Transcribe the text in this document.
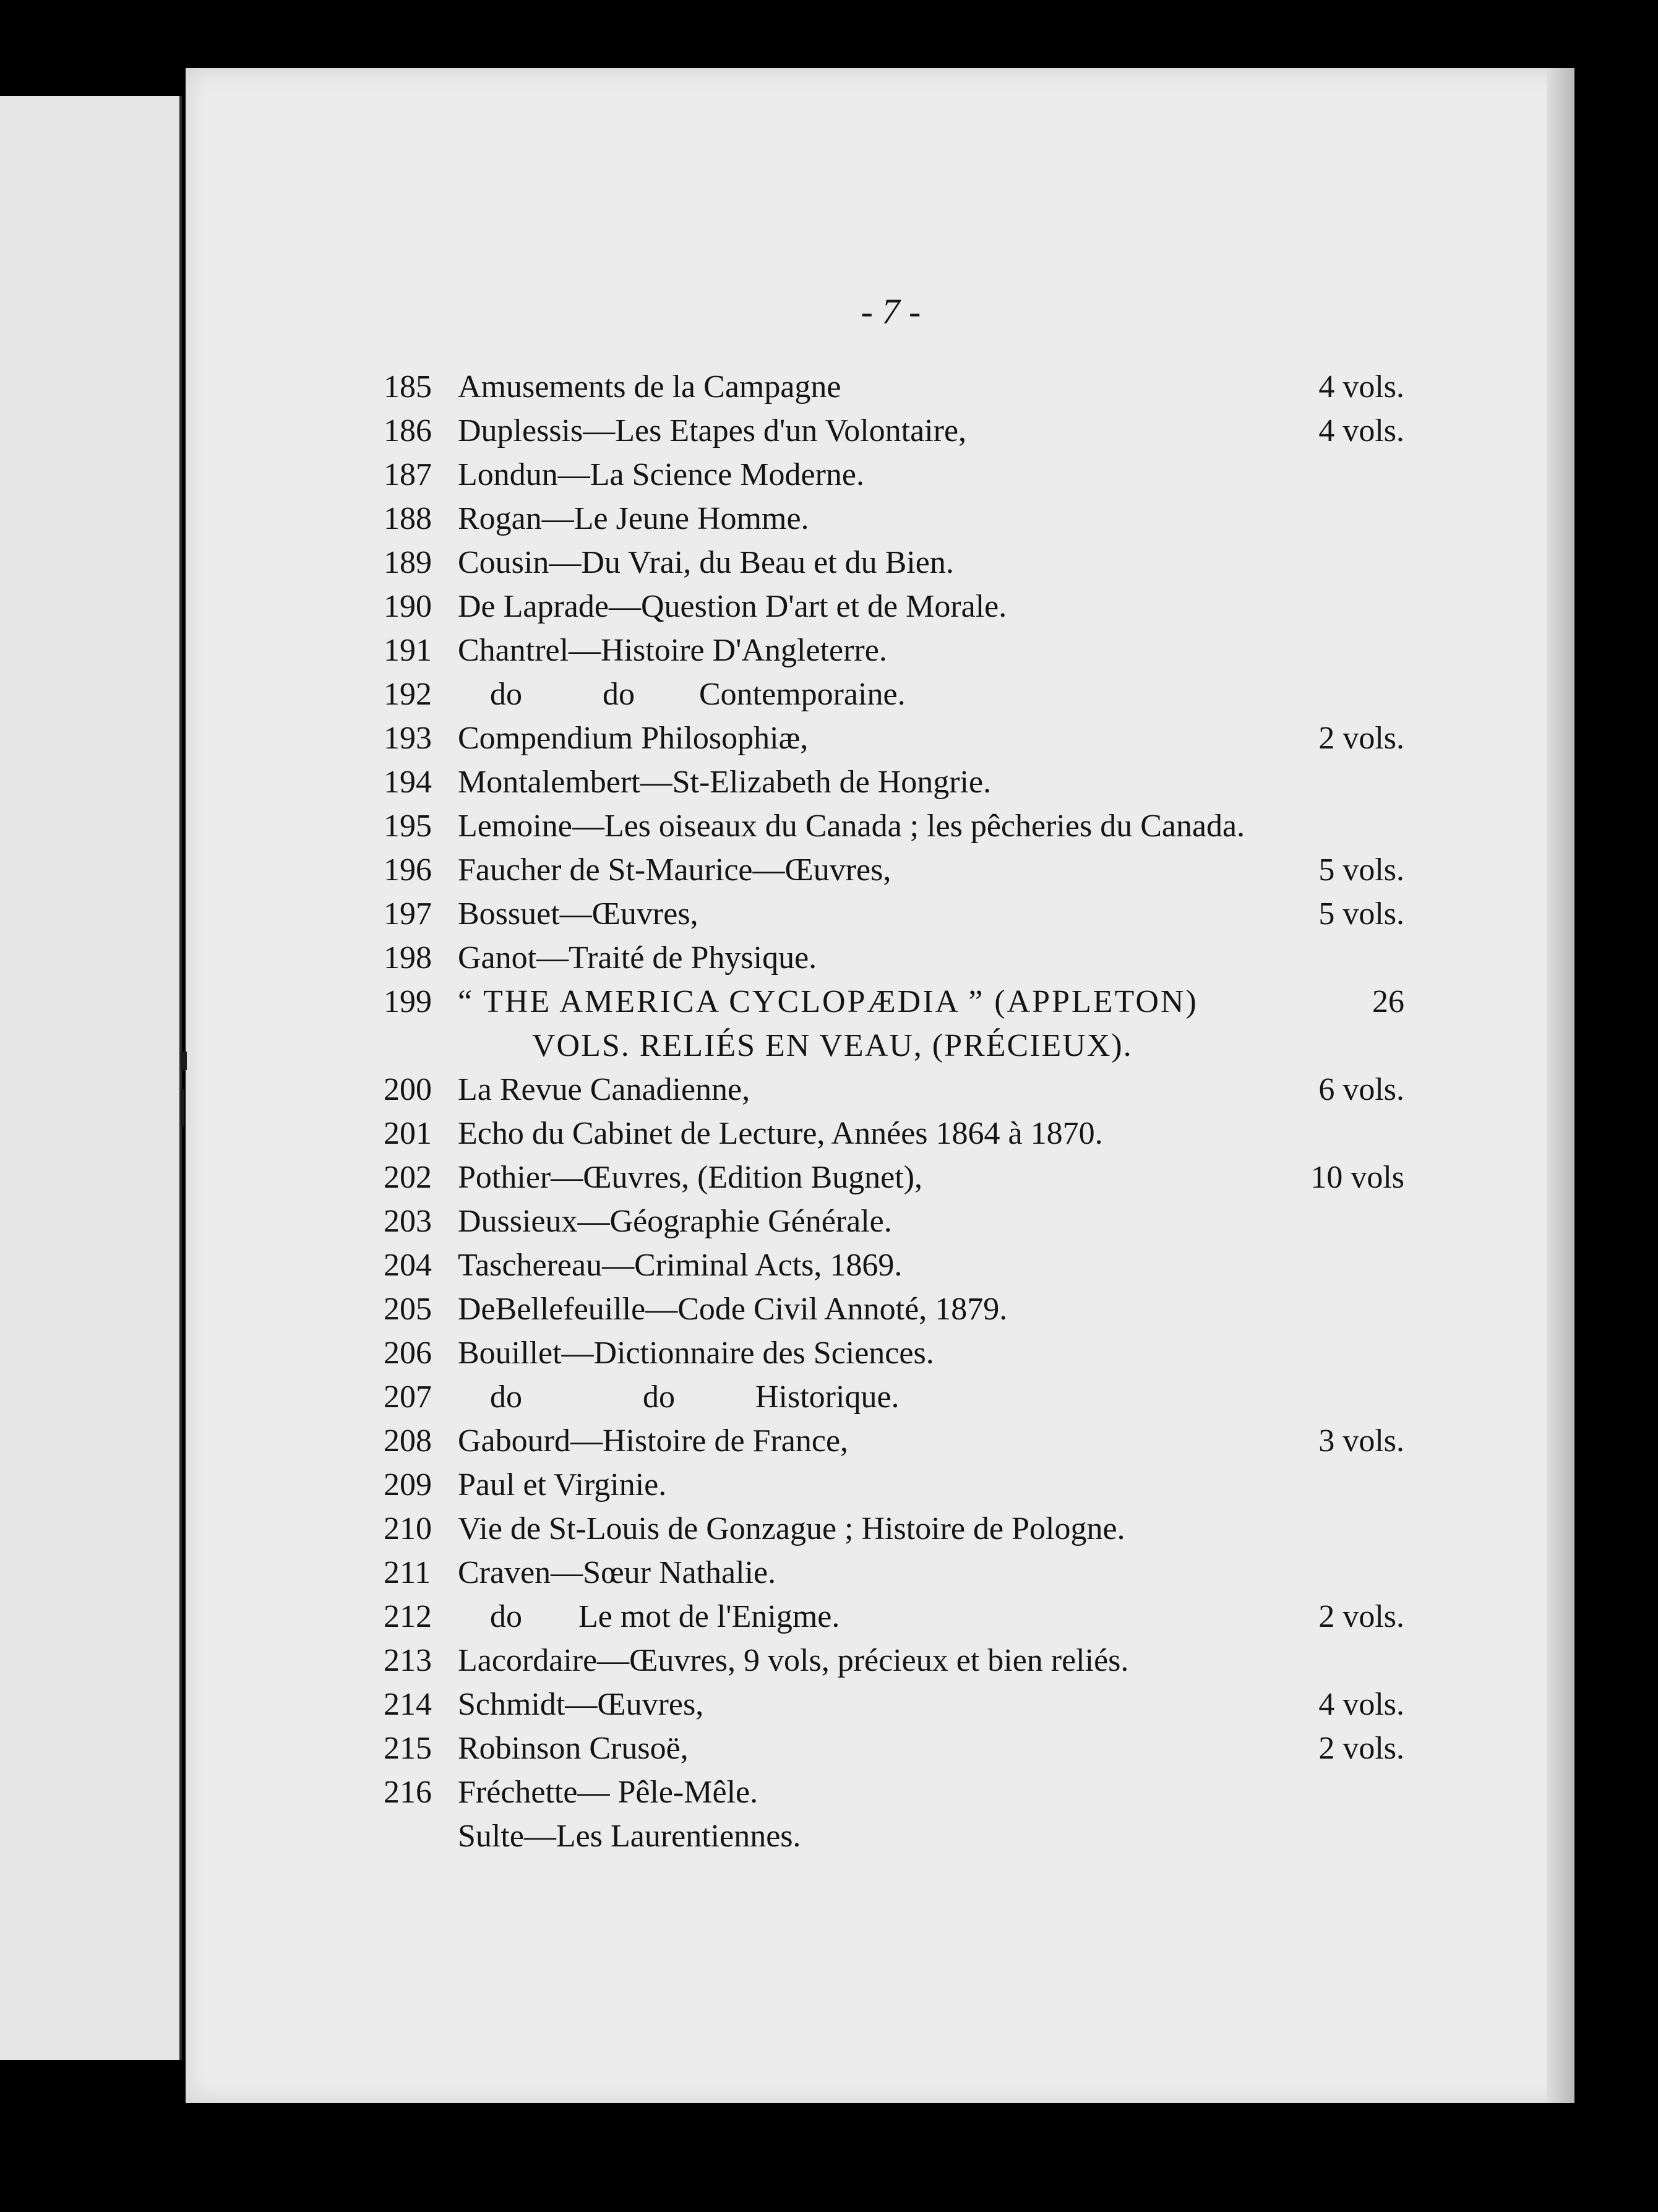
- 7 -
185 Amusements de la Campagne	4 vols.
186 Duplessis—Les Etapes d'un Volontaire,	4 vols.
187 Londun—La Science Moderne.
188 Rogan—Le Jeune Homme.
189 Cousin—Du Vrai, du Beau et du Bien.
190 De Laprade—Question D'art et de Morale.
191 Chantrel—Histoire D'Angleterre.
192 do          do        Contemporaine.
193 Compendium Philosophiæ,	2 vols.
194 Montalembert—St-Elizabeth de Hongrie.
195 Lemoine—Les oiseaux du Canada ; les pêcheries du Canada.
196 Faucher de St-Maurice—Œuvres,	5 vols.
197 Bossuet—Œuvres,	5 vols.
198 Ganot—Traité de Physique.
199 “ THE AMERICA CYCLOPÆDIA ” (APPLETON)	26
VOLS. RELIÉS EN VEAU, (PRÉCIEUX).
200 La Revue Canadienne,	6 vols.
201 Echo du Cabinet de Lecture, Années 1864 à 1870.
202 Pothier—Œuvres, (Edition Bugnet),	10 vols
203 Dussieux—Géographie Générale.
204 Taschereau—Criminal Acts, 1869.
205 DeBellefeuille—Code Civil Annoté, 1879.
206 Bouillet—Dictionnaire des Sciences.
207 do               do          Historique.
208 Gabourd—Histoire de France,	3 vols.
209 Paul et Virginie.
210 Vie de St-Louis de Gonzague ; Histoire de Pologne.
211 Craven—Sœur Nathalie.
212 do       Le mot de l'Enigme.	2 vols.
213 Lacordaire—Œuvres, 9 vols, précieux et bien reliés.
214 Schmidt—Œuvres,	4 vols.
215 Robinson Crusoë,	2 vols.
216 Fréchette— Pêle-Mêle.
Sulte—Les Laurentiennes.
